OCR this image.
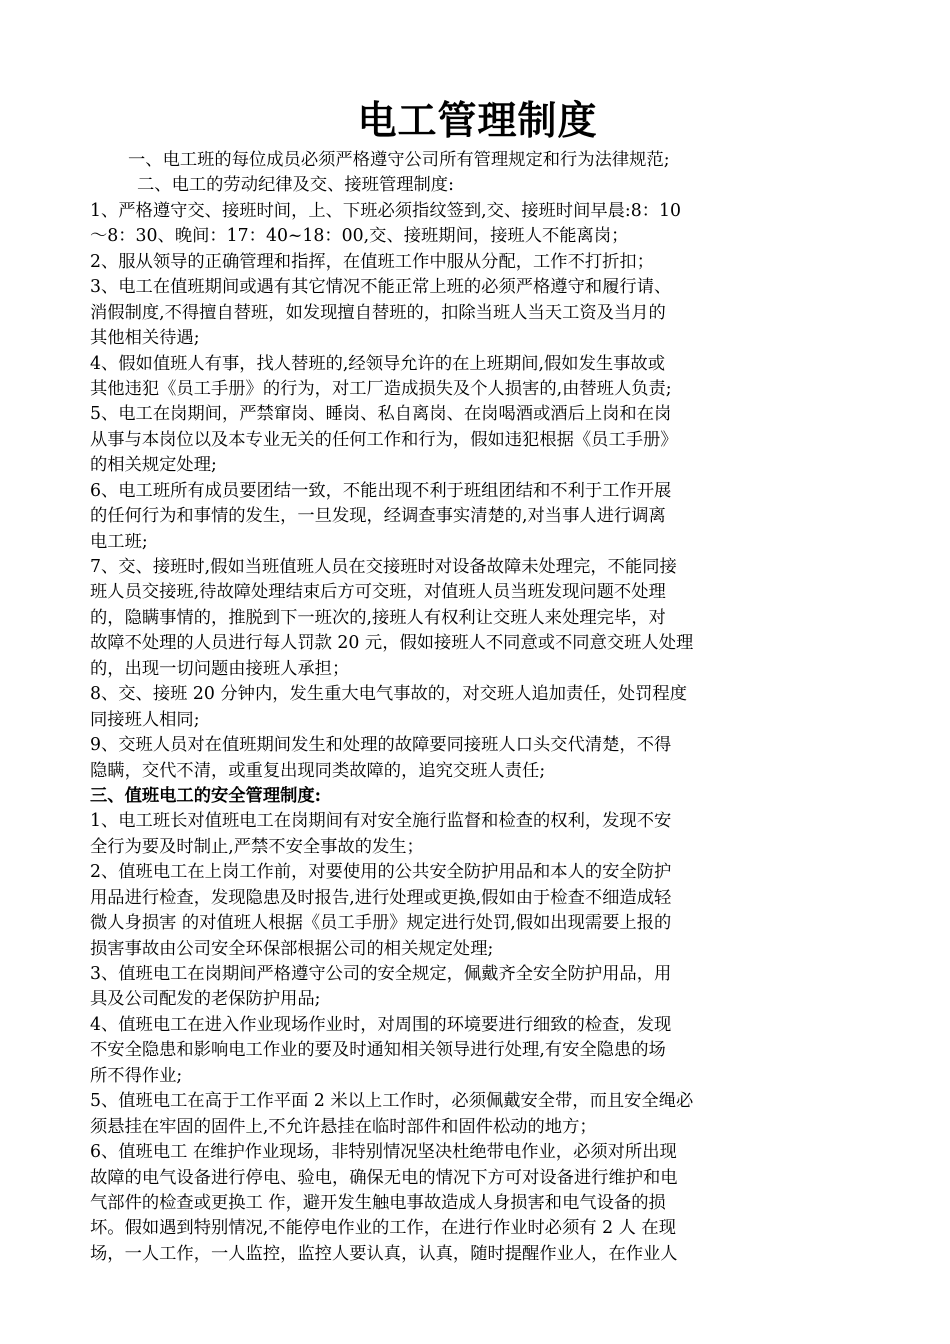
电工管理制度
一、电工班的每位成员必须严格遵守公司所有管理规定和行为法律规范;
二、电工的劳动纪律及交、接班管理制度:
1、严格遵守交、接班时间，上、下班必须指纹签到,交、接班时间早晨:8：10
～8：30、晚间：17：40~18：00,交、接班期间，接班人不能离岗；
2、服从领导的正确管理和指挥，在值班工作中服从分配，工作不打折扣；
3、电工在值班期间或遇有其它情况不能正常上班的必须严格遵守和履行请、
消假制度,不得擅自替班，如发现擅自替班的，扣除当班人当天工资及当月的
其他相关待遇;
4、假如值班人有事，找人替班的,经领导允许的在上班期间,假如发生事故或
其他违犯《员工手册》的行为，对工厂造成损失及个人损害的,由替班人负责;
5、电工在岗期间，严禁窜岗、睡岗、私自离岗、在岗喝酒或酒后上岗和在岗
从事与本岗位以及本专业无关的任何工作和行为，假如违犯根据《员工手册》
的相关规定处理;
6、电工班所有成员要团结一致，不能出现不利于班组团结和不利于工作开展
的任何行为和事情的发生，一旦发现，经调查事实清楚的,对当事人进行调离
电工班;
7、交、接班时,假如当班值班人员在交接班时对设备故障未处理完，不能同接
班人员交接班,待故障处理结束后方可交班，对值班人员当班发现问题不处理
的，隐瞒事情的，推脱到下一班次的,接班人有权利让交班人来处理完毕，对
故障不处理的人员进行每人罚款 20 元，假如接班人不同意或不同意交班人处理
的，出现一切问题由接班人承担；
8、交、接班 20 分钟内，发生重大电气事故的，对交班人追加责任，处罚程度
同接班人相同;
9、交班人员对在值班期间发生和处理的故障要同接班人口头交代清楚，不得
隐瞒，交代不清，或重复出现同类故障的，追究交班人责任;
三、值班电工的安全管理制度:
1、电工班长对值班电工在岗期间有对安全施行监督和检查的权利，发现不安
全行为要及时制止,严禁不安全事故的发生；
2、值班电工在上岗工作前，对要使用的公共安全防护用品和本人的安全防护
用品进行检查，发现隐患及时报告,进行处理或更换,假如由于检查不细造成轻
微人身损害 的对值班人根据《员工手册》规定进行处罚,假如出现需要上报的
损害事故由公司安全环保部根据公司的相关规定处理;
3、值班电工在岗期间严格遵守公司的安全规定，佩戴齐全安全防护用品，用
具及公司配发的老保防护用品;
4、值班电工在进入作业现场作业时，对周围的环境要进行细致的检查，发现
不安全隐患和影响电工作业的要及时通知相关领导进行处理,有安全隐患的场
所不得作业;
5、值班电工在高于工作平面 2 米以上工作时，必须佩戴安全带，而且安全绳必
须悬挂在牢固的固件上,不允许悬挂在临时部件和固件松动的地方；
6、值班电工 在维护作业现场，非特别情况坚决杜绝带电作业，必须对所出现
故障的电气设备进行停电、验电，确保无电的情况下方可对设备进行维护和电
气部件的检查或更换工 作，避开发生触电事故造成人身损害和电气设备的损
坏。假如遇到特别情况,不能停电作业的工作，在进行作业时必须有 2 人 在现
场，一人工作，一人监控，监控人要认真，认真，随时提醒作业人，在作业人
